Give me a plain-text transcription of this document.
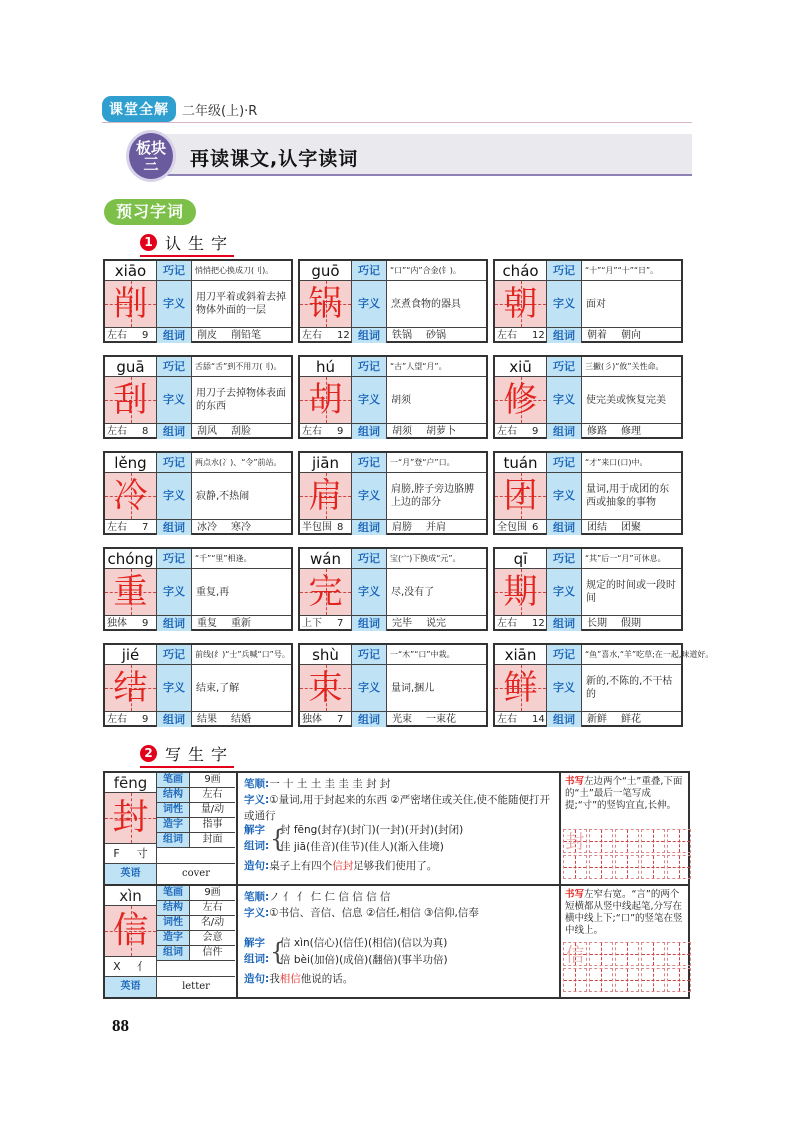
课堂全解	二年级(上)·R
板块三	再读课文,认字读词
预习字词
1 认生字
xiāo	巧记	悄悄把心换成刀(刂)。
削	字义	用刀平着或斜着去掉物体外面的一层
左右	9	组词	削皮 削铅笔
guō	巧记	“口”“内”合金(钅)。
锅	字义	烹煮食物的器具
左右	12 组词	铁锅 砂锅
cháo	巧记	“十”“月”“十”“日”。
朝	字义	面对
左右	12 组词	朝着 朝向
guā	巧记	舌舔“舌”到不用刀(刂)。
刮	字义	用刀子去掉物体表面的东西
左右	8	组词	刮风 刮脸
hú	巧记	“古”人望“月”。
胡	字义	胡须
左右	9	组词	胡须 胡萝卜
xiū	巧记	三撇(彡)“攸”关性命。
修	字义	使完美或恢复完美
左右	9	组词	修路 修理
lěng	巧记	两点水(冫)、“令”前站。
冷	字义	寂静,不热闹
左右	7	组词	冰冷 寒冷
jiān	巧记	一“月”登“户”口。
肩	字义	肩膀,脖子旁边胳膊上边的部分
半包围 8	组词	肩膀 并肩
tuán	巧记	“才”来口(口)中。
团	字义	量词,用于成团的东西或抽象的事物
全包围 6	组词	团结 团聚
chóng 巧记	“千”“里”相逢。
重	字义	重复,再
独体	9	组词	重复 重新
wán	巧记	宝(宀)下换成“元”。
完	字义	尽,没有了
上下	7	组词	完毕 说完
qī	巧记	“其”后一“月”可休息。
期	字义	规定的时间或一段时间
左右	12 组词	长期 假期
jié	巧记	前线(纟)“士”兵喊“口”号。
结	字义	结束,了解
左右	9	组词	结果 结婚
shù	巧记	一“木”“口”中栽。
束	字义	量词,捆儿
独体	7	组词	光束 一束花
xiān	巧记	“鱼”喜水,“羊”吃草;在一起,味道好。
鲜	字义	新的,不陈的,不干枯的
左右	14 组词	新鲜 鲜花
2 写生字
fēng
封
F 寸
笔画	9画
结构	左右
词性	量/动
造字	指事
组词	封面
英语	cover
笔顺:一 十 土 土 圭 圭 圭 封 封
字义:①量词,用于封起来的东西 ②严密堵住或关住,使不能随便打开或通行
解字
组词: {
封 fēng(封存)(封门)(一封)(开封)(封闭)
佳 jiā(佳音)(佳节)(佳人)(渐入佳境)
造句:桌子上有四个信封足够我们使用了。
书写左边两个“土”重叠,下面的“土”最后一笔写成提;“寸”的竖钩宜直,长伸。
封
xìn
信
X 亻
笔画	9画
结构	左右
词性	名/动
造字	会意
组词	信件
英语	letter
笔顺:ノ 亻 亻 仁 仁 信 信 信 信
字义:①书信、音信、信息 ②信任,相信 ③信仰,信奉
解字
组词: {
信 xìn(信心)(信任)(相信)(信以为真)
倍 bèi(加倍)(成倍)(翻倍)(事半功倍)
造句:我相信他说的话。
书写左窄右宽。“言”的两个短横都从竖中线起笔,分写在横中线上下;“口”的竖笔在竖中线上。
信
88
